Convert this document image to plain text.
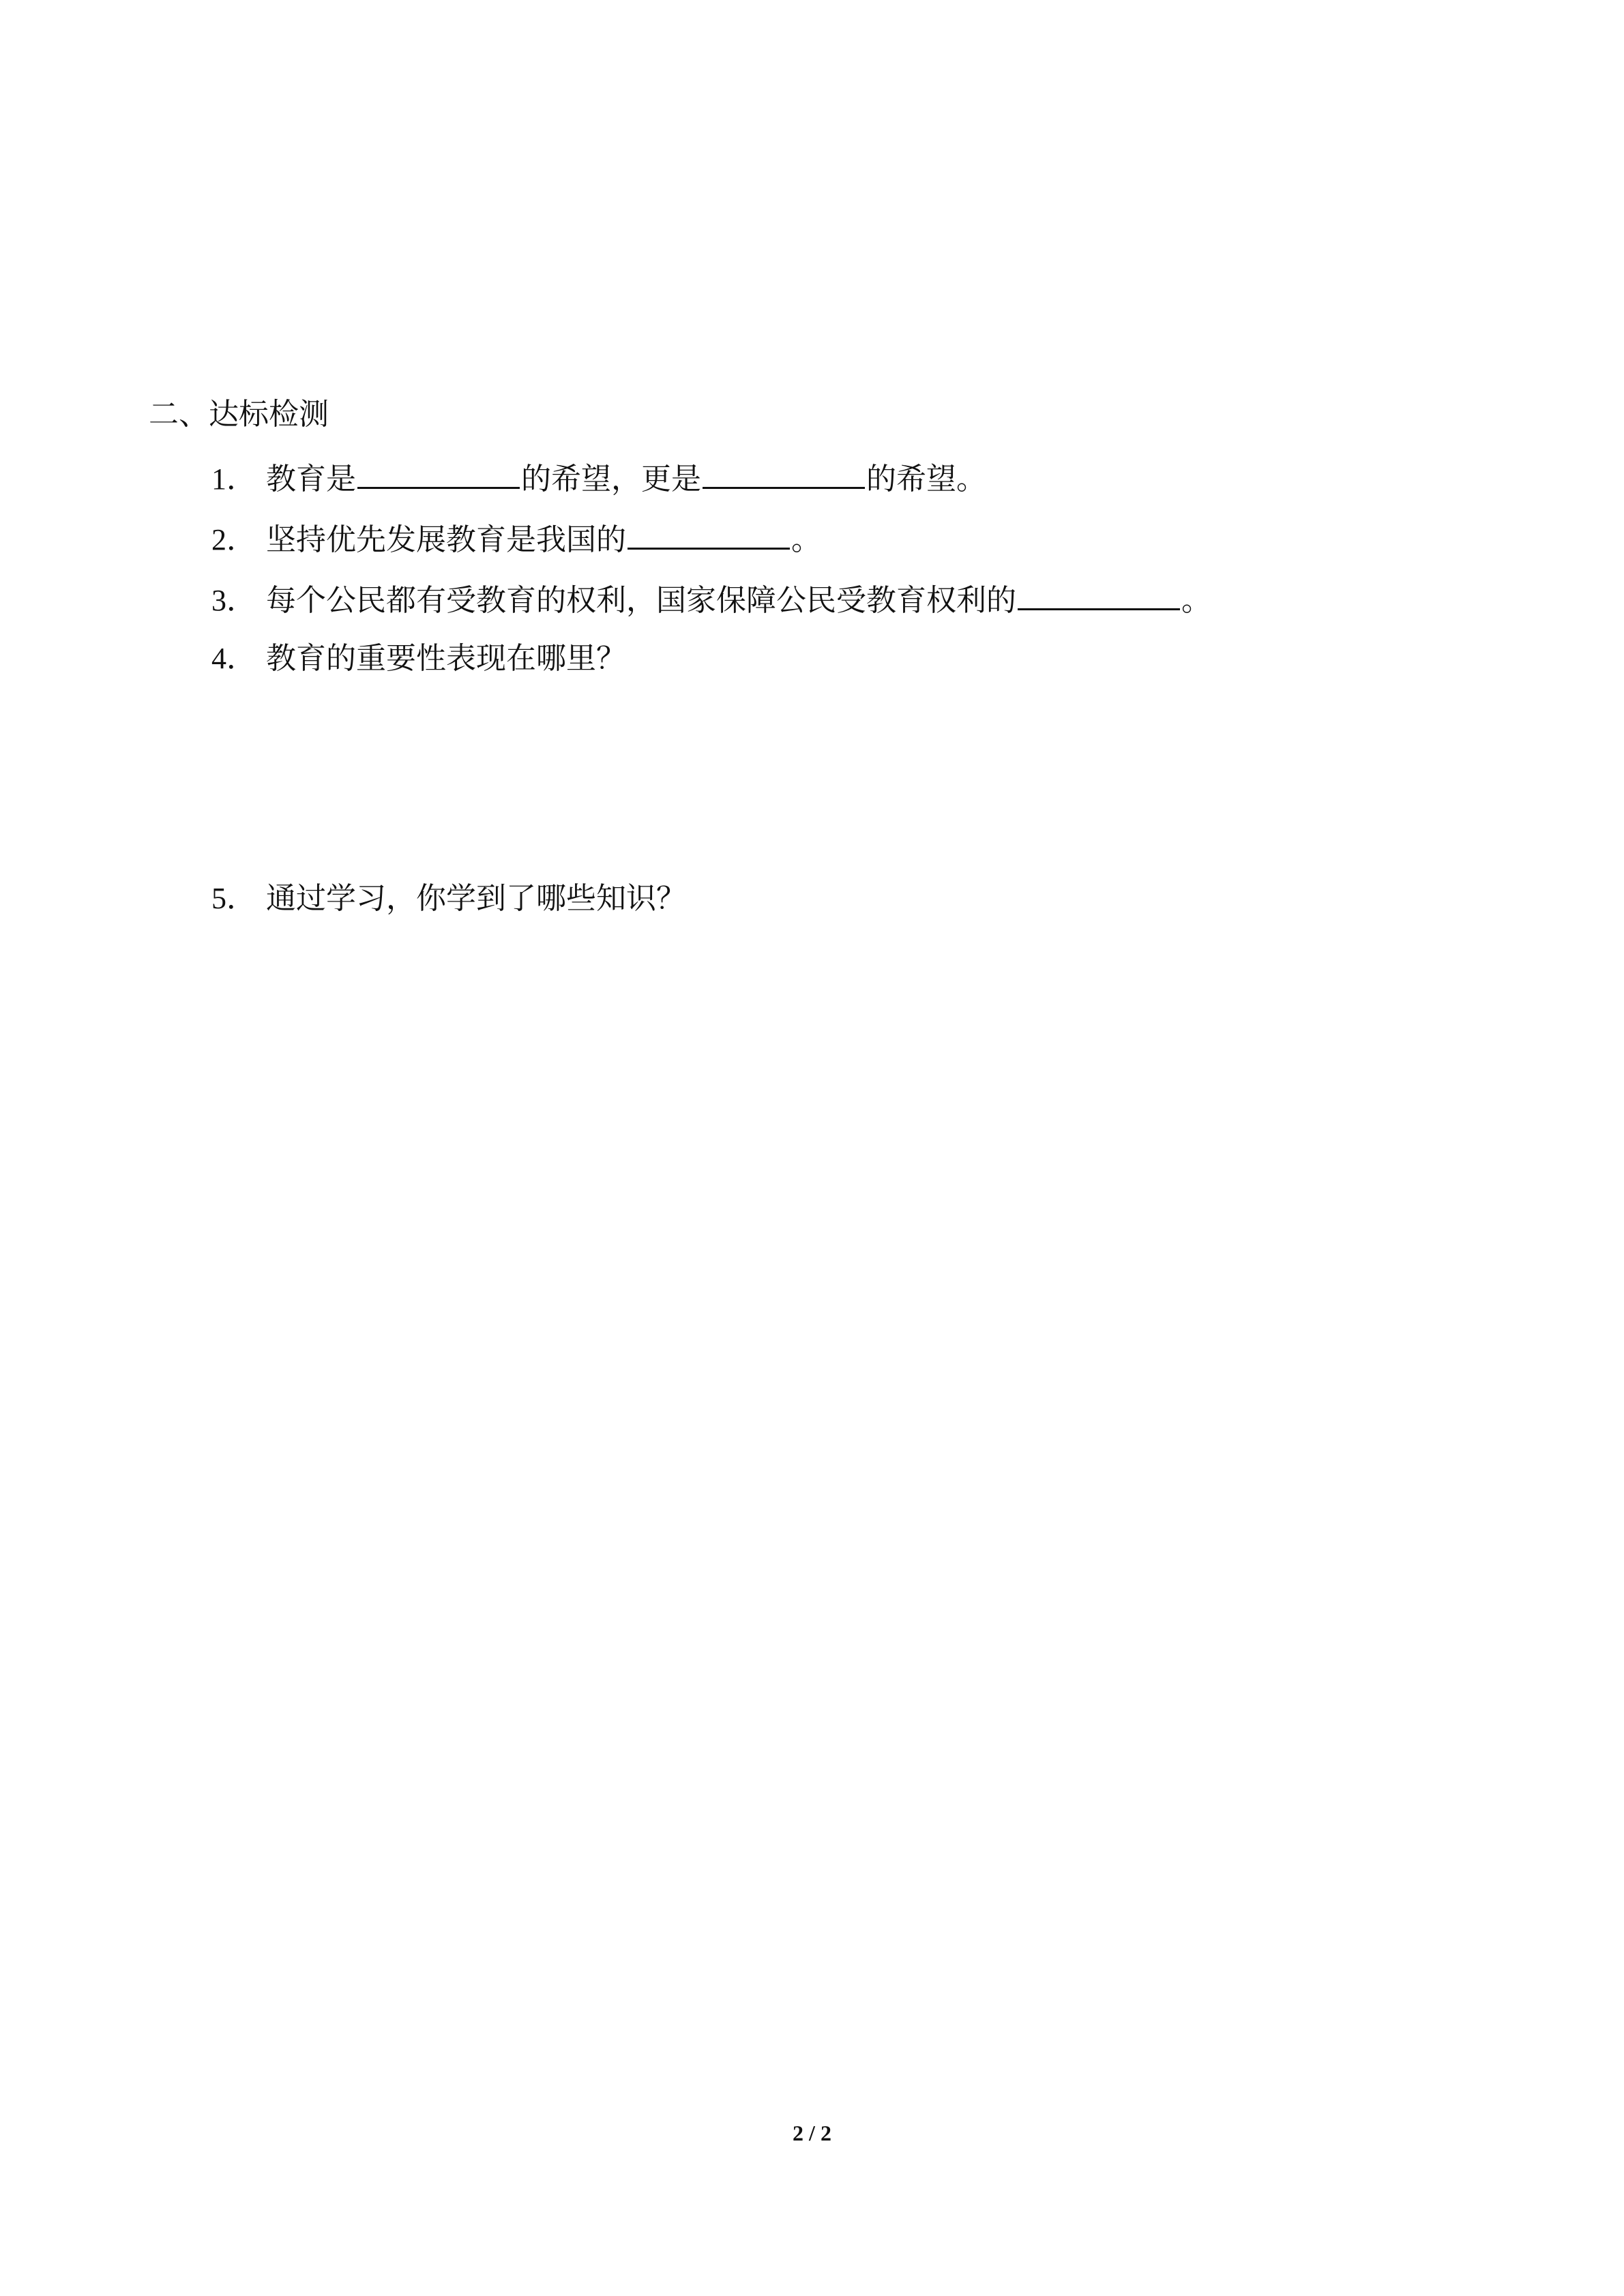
二、达标检测
1． 教育是	的希望，更是	的希望。
2． 坚持优先发展教育是我国的	。
3． 每个公民都有受教育的权利，国家保障公民受教育权利的	。
4． 教育的重要性表现在哪里？
5． 通过学习，你学到了哪些知识？
2 / 2
